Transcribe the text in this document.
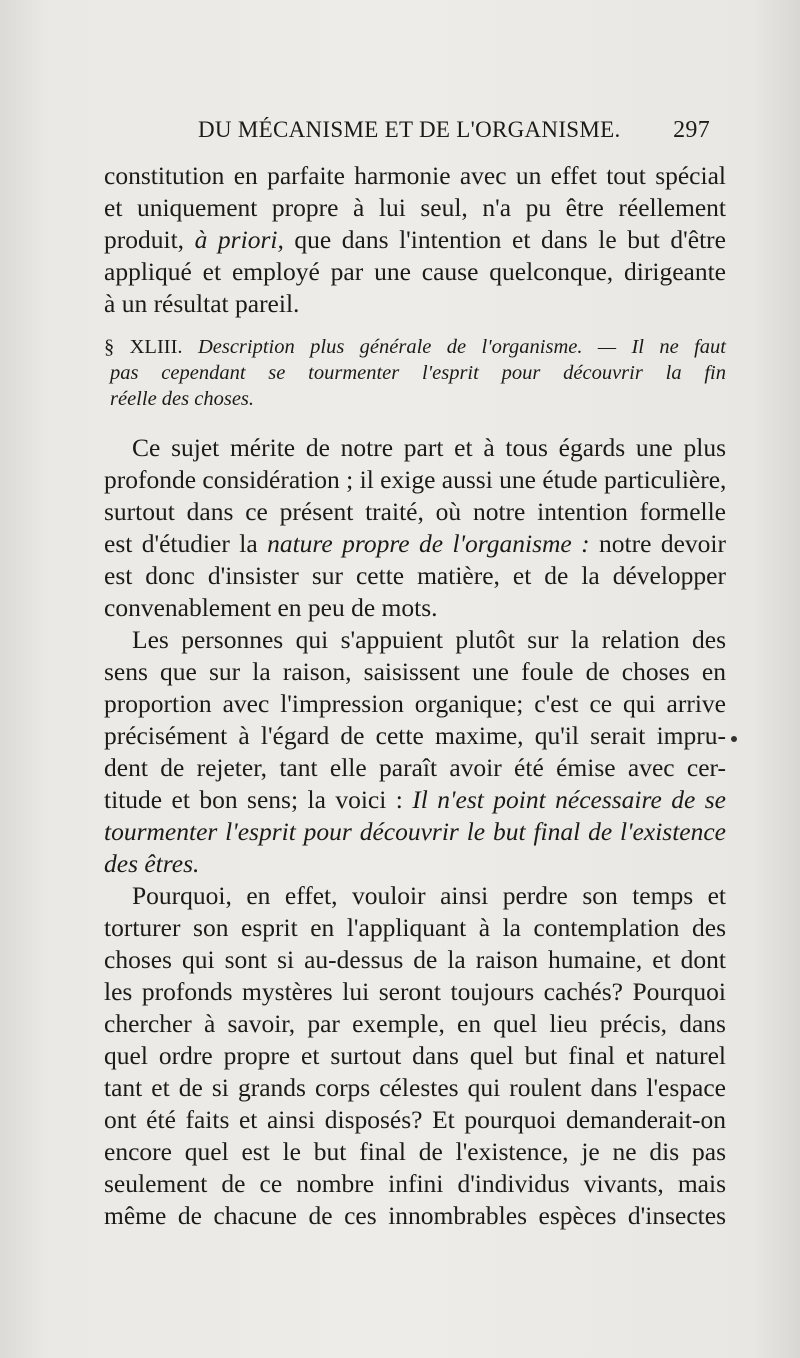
DU MÉCANISME ET DE L'ORGANISME. 297
constitution en parfaite harmonie avec un effet tout spécial
et uniquement propre à lui seul, n'a pu être réellement
produit, à priori, que dans l'intention et dans le but d'être
appliqué et employé par une cause quelconque, dirigeante
à un résultat pareil.
§ XLIII. Description plus générale de l'organisme. — Il ne faut
pas cependant se tourmenter l'esprit pour découvrir la fin
réelle des choses.
Ce sujet mérite de notre part et à tous égards une plus
profonde considération ; il exige aussi une étude particulière,
surtout dans ce présent traité, où notre intention formelle
est d'étudier la nature propre de l'organisme : notre devoir
est donc d'insister sur cette matière, et de la développer
convenablement en peu de mots.
Les personnes qui s'appuient plutôt sur la relation des
sens que sur la raison, saisissent une foule de choses en
proportion avec l'impression organique; c'est ce qui arrive
précisément à l'égard de cette maxime, qu'il serait impru-
dent de rejeter, tant elle paraît avoir été émise avec cer-
titude et bon sens; la voici : Il n'est point nécessaire de se
tourmenter l'esprit pour découvrir le but final de l'existence
des êtres.
Pourquoi, en effet, vouloir ainsi perdre son temps et
torturer son esprit en l'appliquant à la contemplation des
choses qui sont si au-dessus de la raison humaine, et dont
les profonds mystères lui seront toujours cachés? Pourquoi
chercher à savoir, par exemple, en quel lieu précis, dans
quel ordre propre et surtout dans quel but final et naturel
tant et de si grands corps célestes qui roulent dans l'espace
ont été faits et ainsi disposés? Et pourquoi demanderait-on
encore quel est le but final de l'existence, je ne dis pas
seulement de ce nombre infini d'individus vivants, mais
même de chacune de ces innombrables espèces d'insectes
